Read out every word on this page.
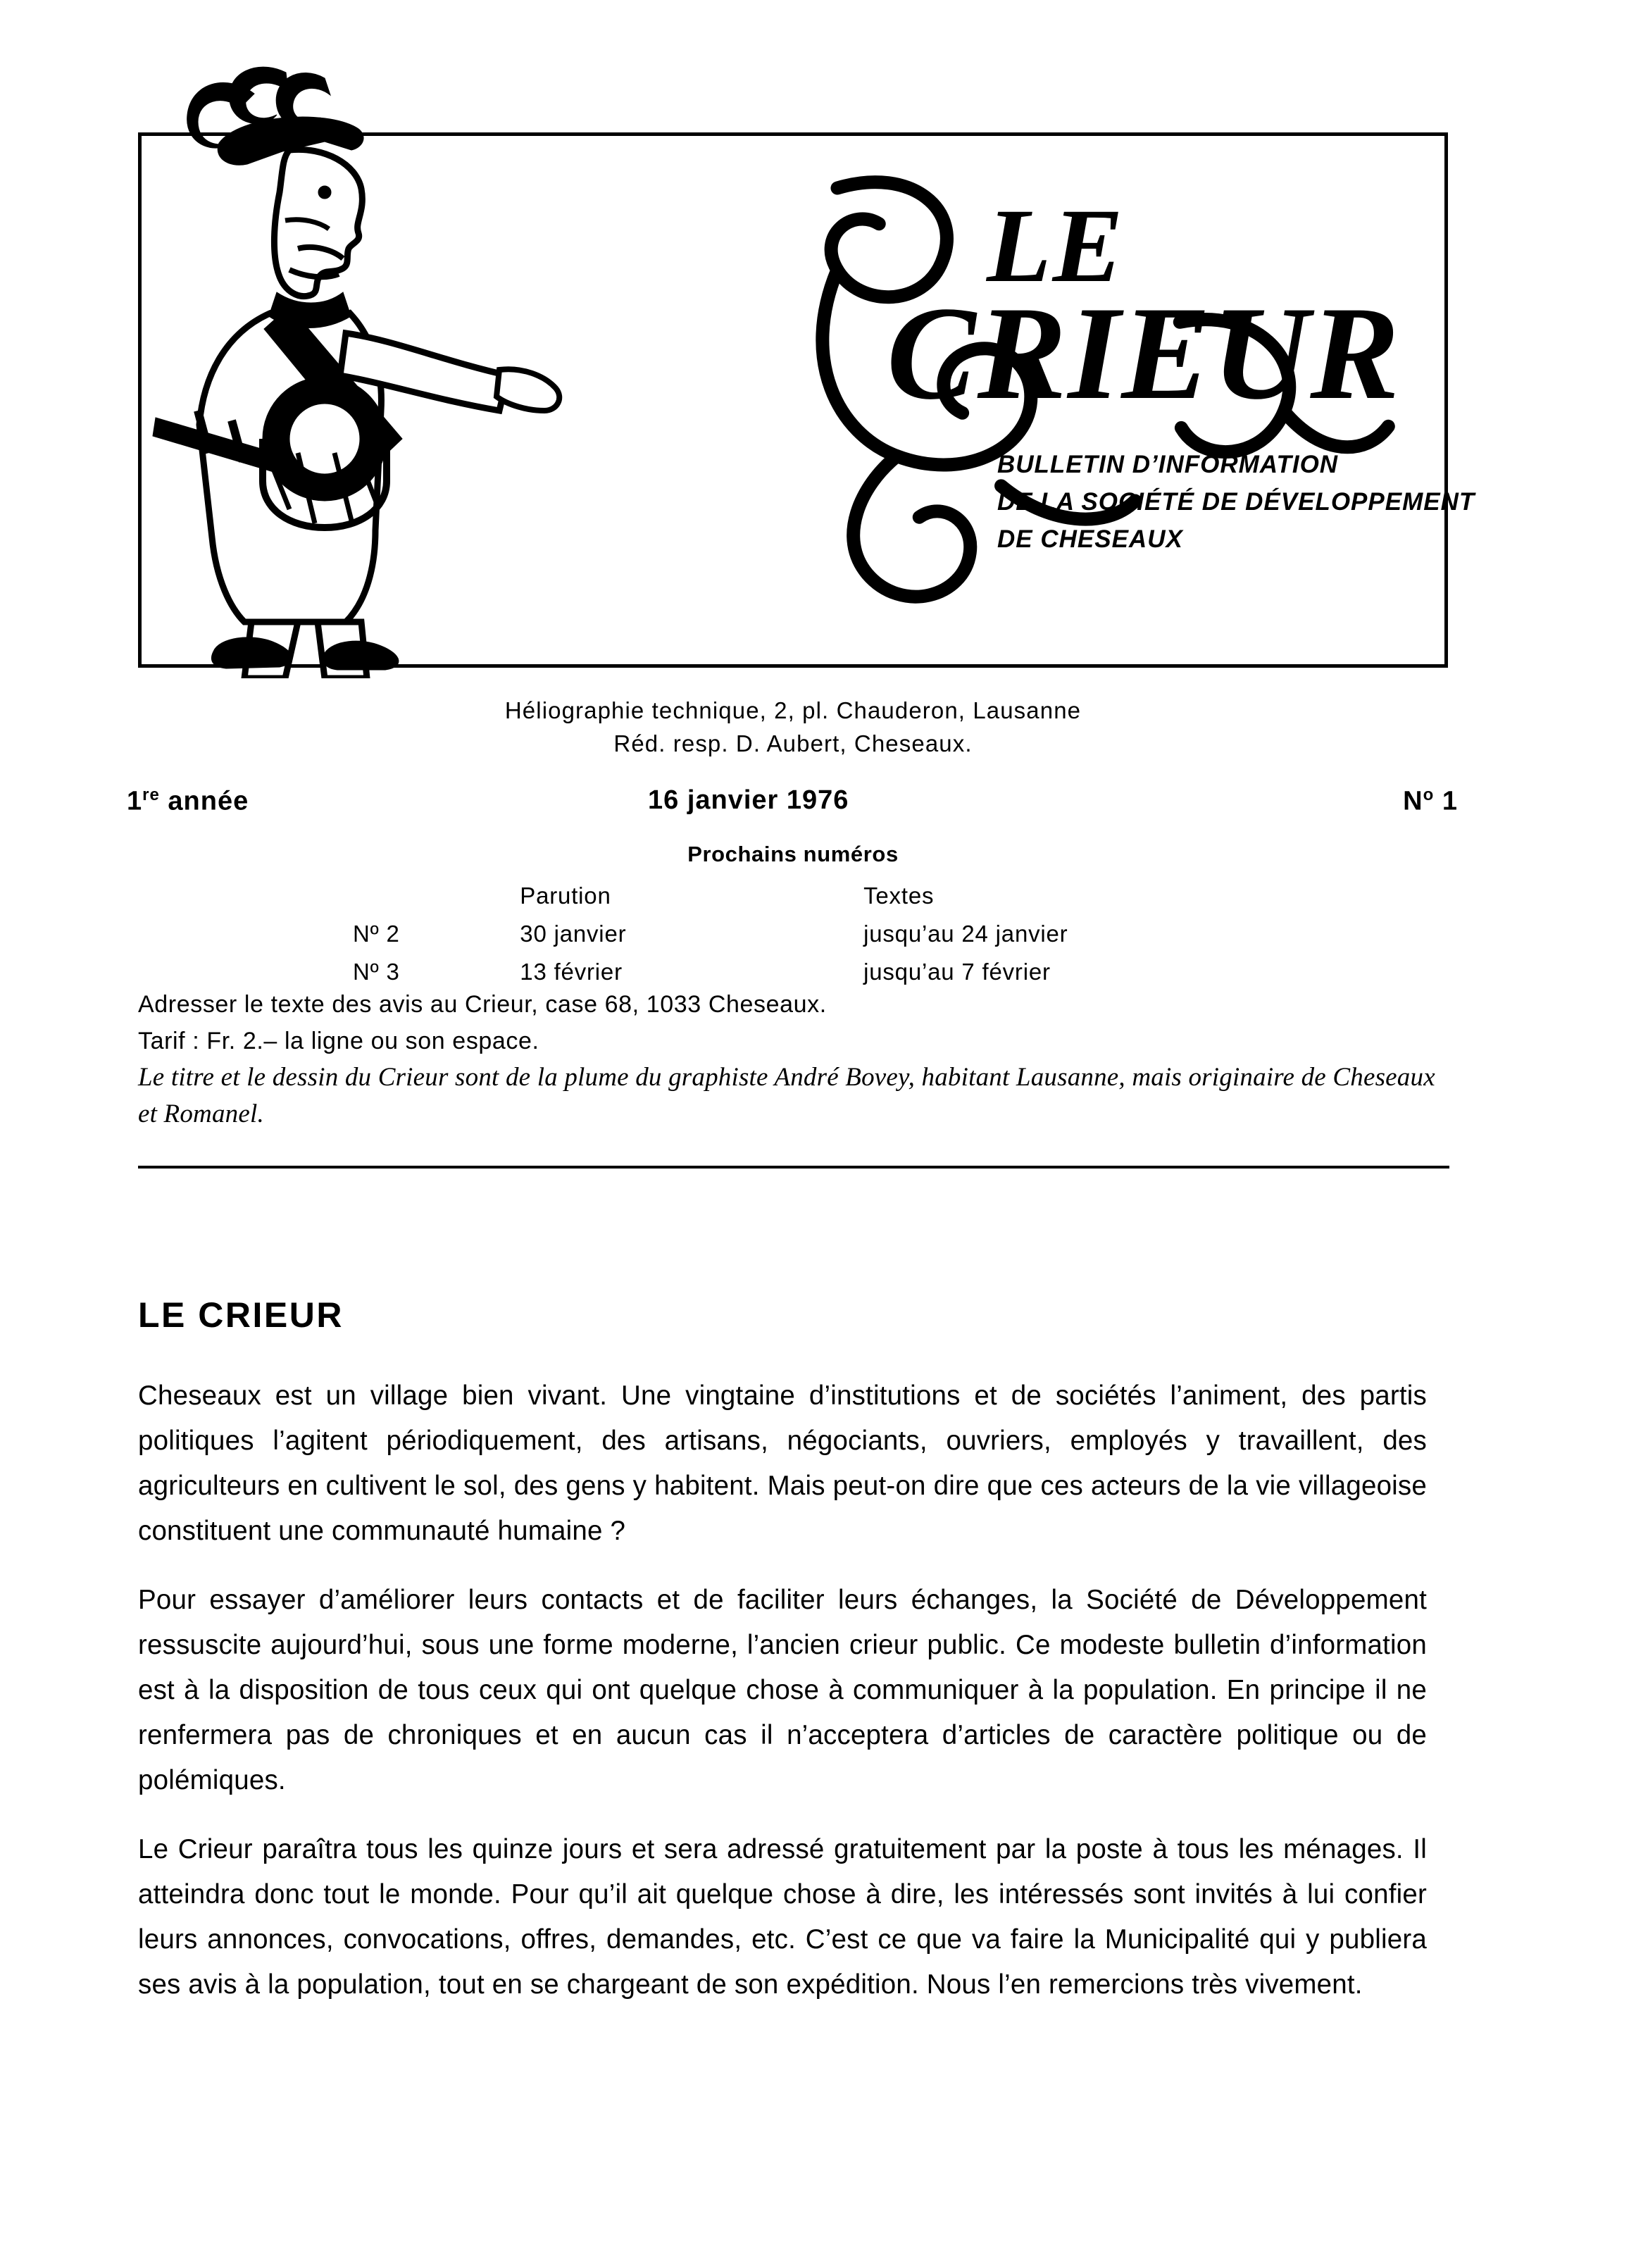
LE
CRIEUR
BULLETIN D’INFORMATION
DE LA SOCIÉTÉ DE DÉVELOPPEMENT
DE CHESEAUX
Héliographie technique, 2, pl. Chauderon, Lausanne
Réd. resp. D. Aubert, Cheseaux.
1re année	16 janvier 1976	$N^o$ 1
Prochains numéros
	Parution	Textes
Nº 2	30 janvier	jusqu’au 24 janvier
Nº 3	13 février	jusqu’au 7 février
Adresser le texte des avis au Crieur, case 68, 1033 Cheseaux.
Tarif : Fr. 2.– la ligne ou son espace.
Le titre et le dessin du Crieur sont de la plume du graphiste André Bovey, habitant Lausanne, mais originaire de Cheseaux et Romanel.
LE CRIEUR

Cheseaux est un village bien vivant. Une vingtaine d’institutions et de sociétés l’animent, des partis politiques l’agitent périodiquement, des artisans, négociants, ouvriers, employés y travaillent, des agriculteurs en cultivent le sol, des gens y habitent. Mais peut-on dire que ces acteurs de la vie villageoise constituent une communauté humaine ?

Pour essayer d’améliorer leurs contacts et de faciliter leurs échanges, la Société de Développement ressuscite aujourd’hui, sous une forme moderne, l’ancien crieur public. Ce modeste bulletin d’information est à la disposition de tous ceux qui ont quelque chose à communiquer à la population. En principe il ne renfermera pas de chroniques et en aucun cas il n’acceptera d’articles de caractère politique ou de polémiques.

Le Crieur paraîtra tous les quinze jours et sera adressé gratuitement par la poste à tous les ménages. Il atteindra donc tout le monde. Pour qu’il ait quelque chose à dire, les intéressés sont invités à lui confier leurs annonces, convocations, offres, demandes, etc. C’est ce que va faire la Municipalité qui y publiera ses avis à la population, tout en se chargeant de son expédition. Nous l’en remercions très vivement.
